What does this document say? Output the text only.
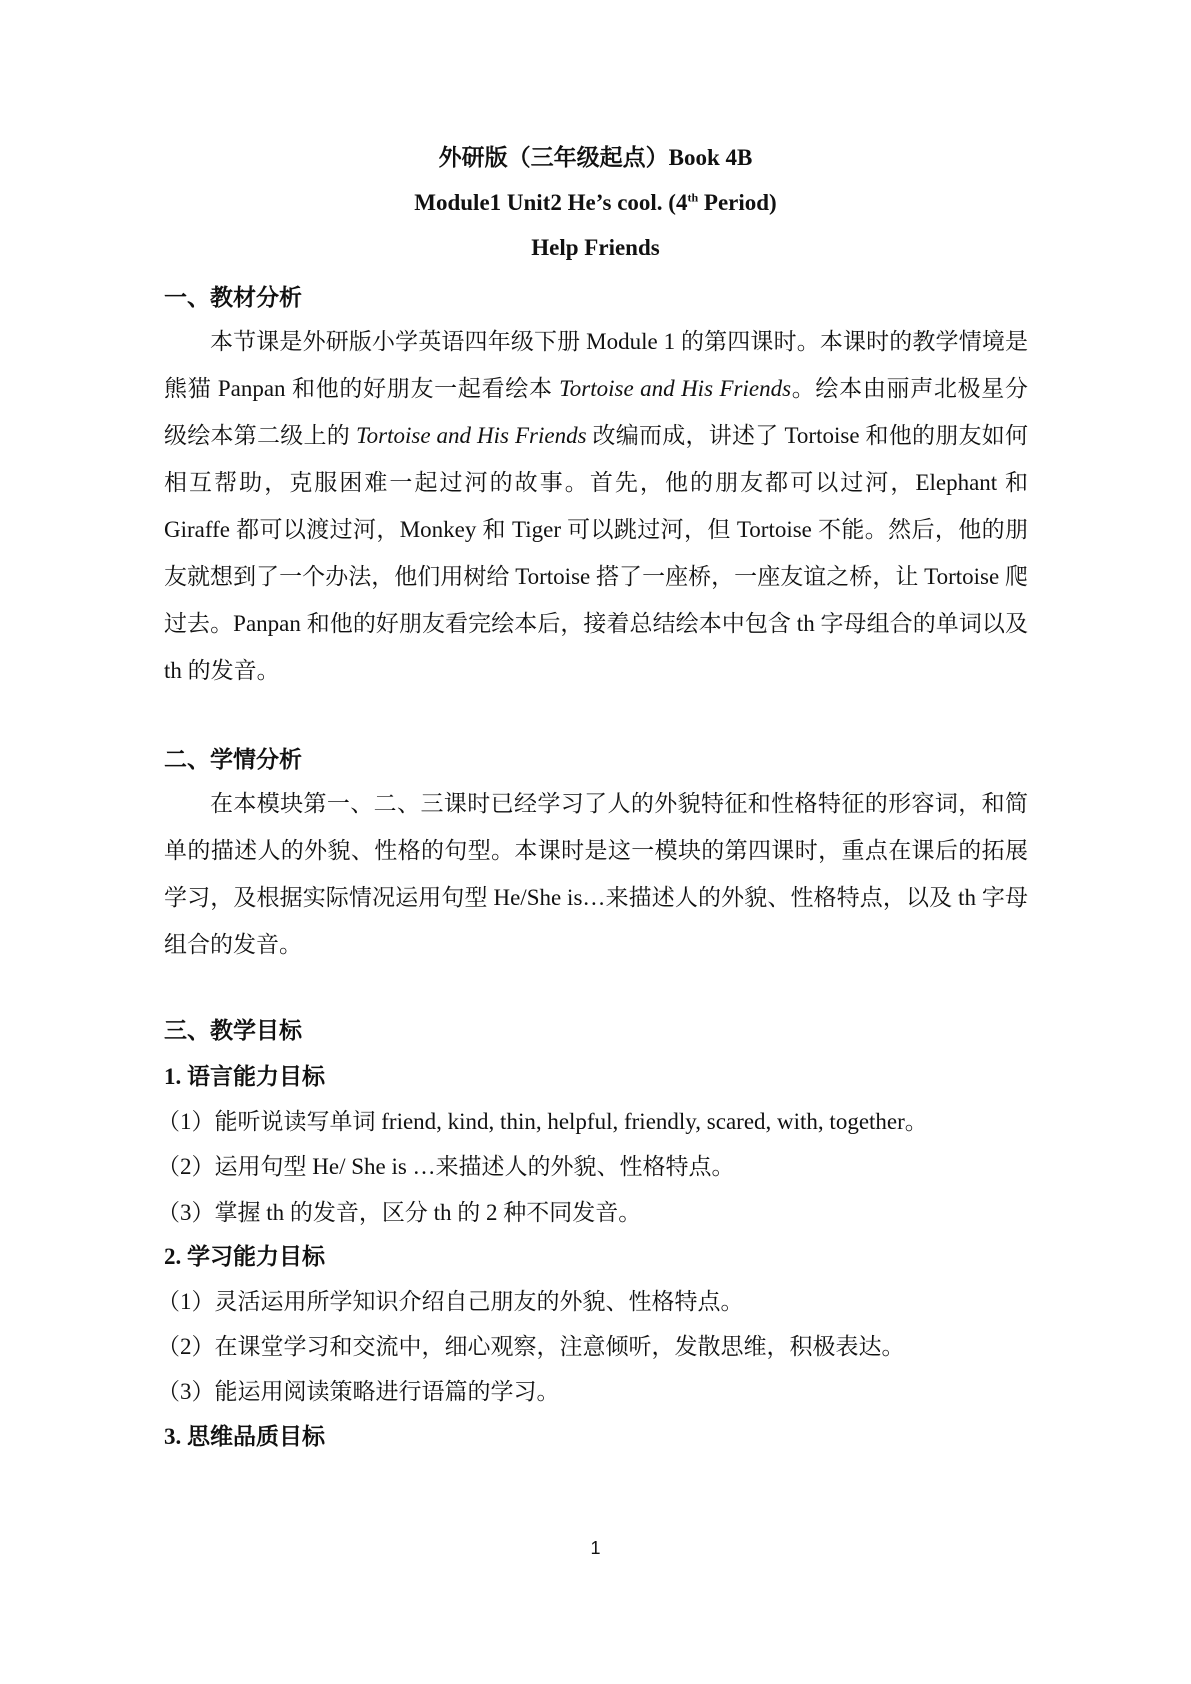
外研版（三年级起点）Book 4B
Module1 Unit2 He’s cool. (4th Period)
Help Friends
一、教材分析
本节课是外研版小学英语四年级下册 Module 1 的第四课时。本课时的教学情境是熊猫 Panpan 和他的好朋友一起看绘本 Tortoise and His Friends。绘本由丽声北极星分级绘本第二级上的 Tortoise and His Friends 改编而成，讲述了 Tortoise 和他的朋友如何相互帮助，克服困难一起过河的故事。首先，他的朋友都可以过河，Elephant 和 Giraffe 都可以渡过河，Monkey 和 Tiger 可以跳过河，但 Tortoise 不能。然后，他的朋友就想到了一个办法，他们用树给 Tortoise 搭了一座桥，一座友谊之桥，让 Tortoise 爬过去。Panpan 和他的好朋友看完绘本后，接着总结绘本中包含 th 字母组合的单词以及 th 的发音。
二、学情分析
在本模块第一、二、三课时已经学习了人的外貌特征和性格特征的形容词，和简单的描述人的外貌、性格的句型。本课时是这一模块的第四课时，重点在课后的拓展学习，及根据实际情况运用句型 He/She is…来描述人的外貌、性格特点，以及 th 字母组合的发音。
三、教学目标
1. 语言能力目标
（1）能听说读写单词 friend, kind, thin, helpful, friendly, scared, with, together。
（2）运用句型 He/ She is …来描述人的外貌、性格特点。
（3）掌握 th 的发音，区分 th 的 2 种不同发音。
2. 学习能力目标
（1）灵活运用所学知识介绍自己朋友的外貌、性格特点。
（2）在课堂学习和交流中，细心观察，注意倾听，发散思维，积极表达。
（3）能运用阅读策略进行语篇的学习。
3. 思维品质目标
1
